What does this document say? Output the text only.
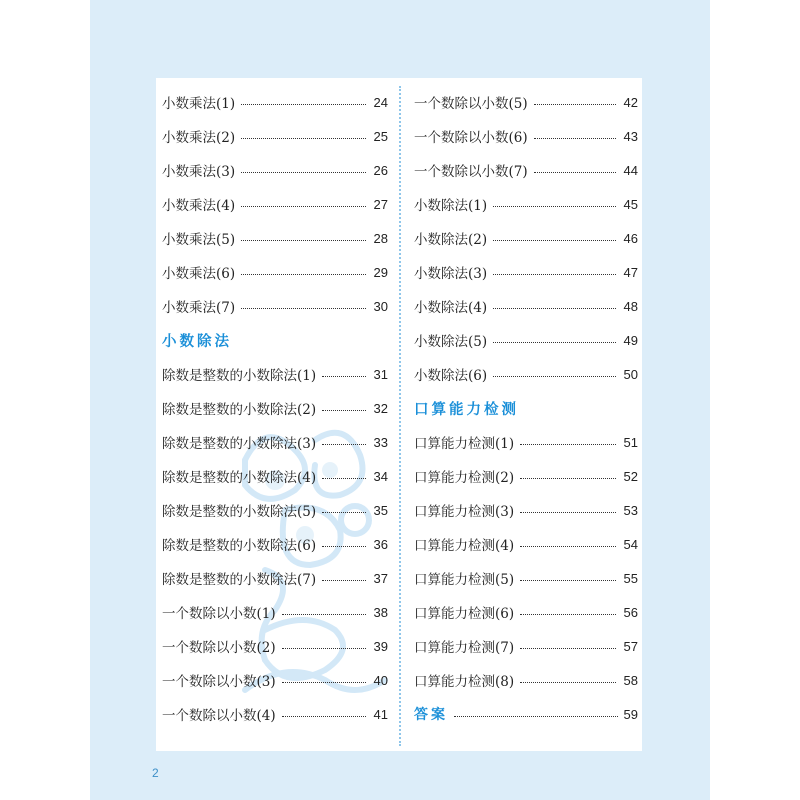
小数乘法(1)	24
小数乘法(2)	25
小数乘法(3)	26
小数乘法(4)	27
小数乘法(5)	28
小数乘法(6)	29
小数乘法(7)	30
小数除法
除数是整数的小数除法(1)	31
除数是整数的小数除法(2)	32
除数是整数的小数除法(3)	33
除数是整数的小数除法(4)	34
除数是整数的小数除法(5)	35
除数是整数的小数除法(6)	36
除数是整数的小数除法(7)	37
一个数除以小数(1)	38
一个数除以小数(2)	39
一个数除以小数(3)	40
一个数除以小数(4)	41
一个数除以小数(5)	42
一个数除以小数(6)	43
一个数除以小数(7)	44
小数除法(1)	45
小数除法(2)	46
小数除法(3)	47
小数除法(4)	48
小数除法(5)	49
小数除法(6)	50
口算能力检测
口算能力检测(1)	51
口算能力检测(2)	52
口算能力检测(3)	53
口算能力检测(4)	54
口算能力检测(5)	55
口算能力检测(6)	56
口算能力检测(7)	57
口算能力检测(8)	58
答案	59
2
